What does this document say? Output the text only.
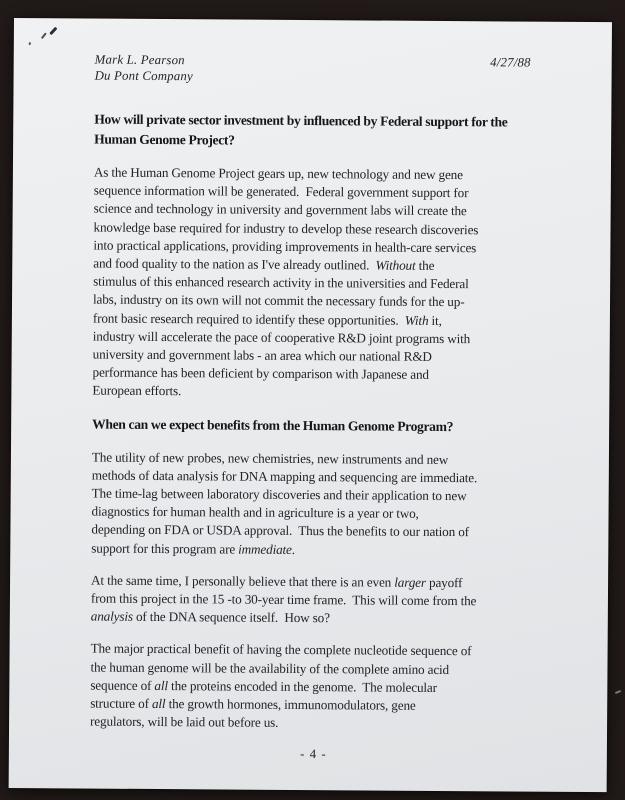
Mark L. Pearson
Du Pont Company
4/27/88
How will private sector investment by influenced by Federal support for the
Human Genome Project?
As the Human Genome Project gears up, new technology and new gene
sequence information will be generated.  Federal government support for
science and technology in university and government labs will create the
knowledge base required for industry to develop these research discoveries
into practical applications, providing improvements in health-care services
and food quality to the nation as I've already outlined.  Without the
stimulus of this enhanced research activity in the universities and Federal
labs, industry on its own will not commit the necessary funds for the up-
front basic research required to identify these opportunities.  With it,
industry will accelerate the pace of cooperative R&D joint programs with
university and government labs - an area which our national R&D
performance has been deficient by comparison with Japanese and
European efforts.
When can we expect benefits from the Human Genome Program?
The utility of new probes, new chemistries, new instruments and new
methods of data analysis for DNA mapping and sequencing are immediate.
The time-lag between laboratory discoveries and their application to new
diagnostics for human health and in agriculture is a year or two,
depending on FDA or USDA approval.  Thus the benefits to our nation of
support for this program are immediate.
At the same time, I personally believe that there is an even larger payoff
from this project in the 15 -to 30-year time frame.  This will come from the
analysis of the DNA sequence itself.  How so?
The major practical benefit of having the complete nucleotide sequence of
the human genome will be the availability of the complete amino acid
sequence of all the proteins encoded in the genome.  The molecular
structure of all the growth hormones, immunomodulators, gene
regulators, will be laid out before us.
- 4 -
